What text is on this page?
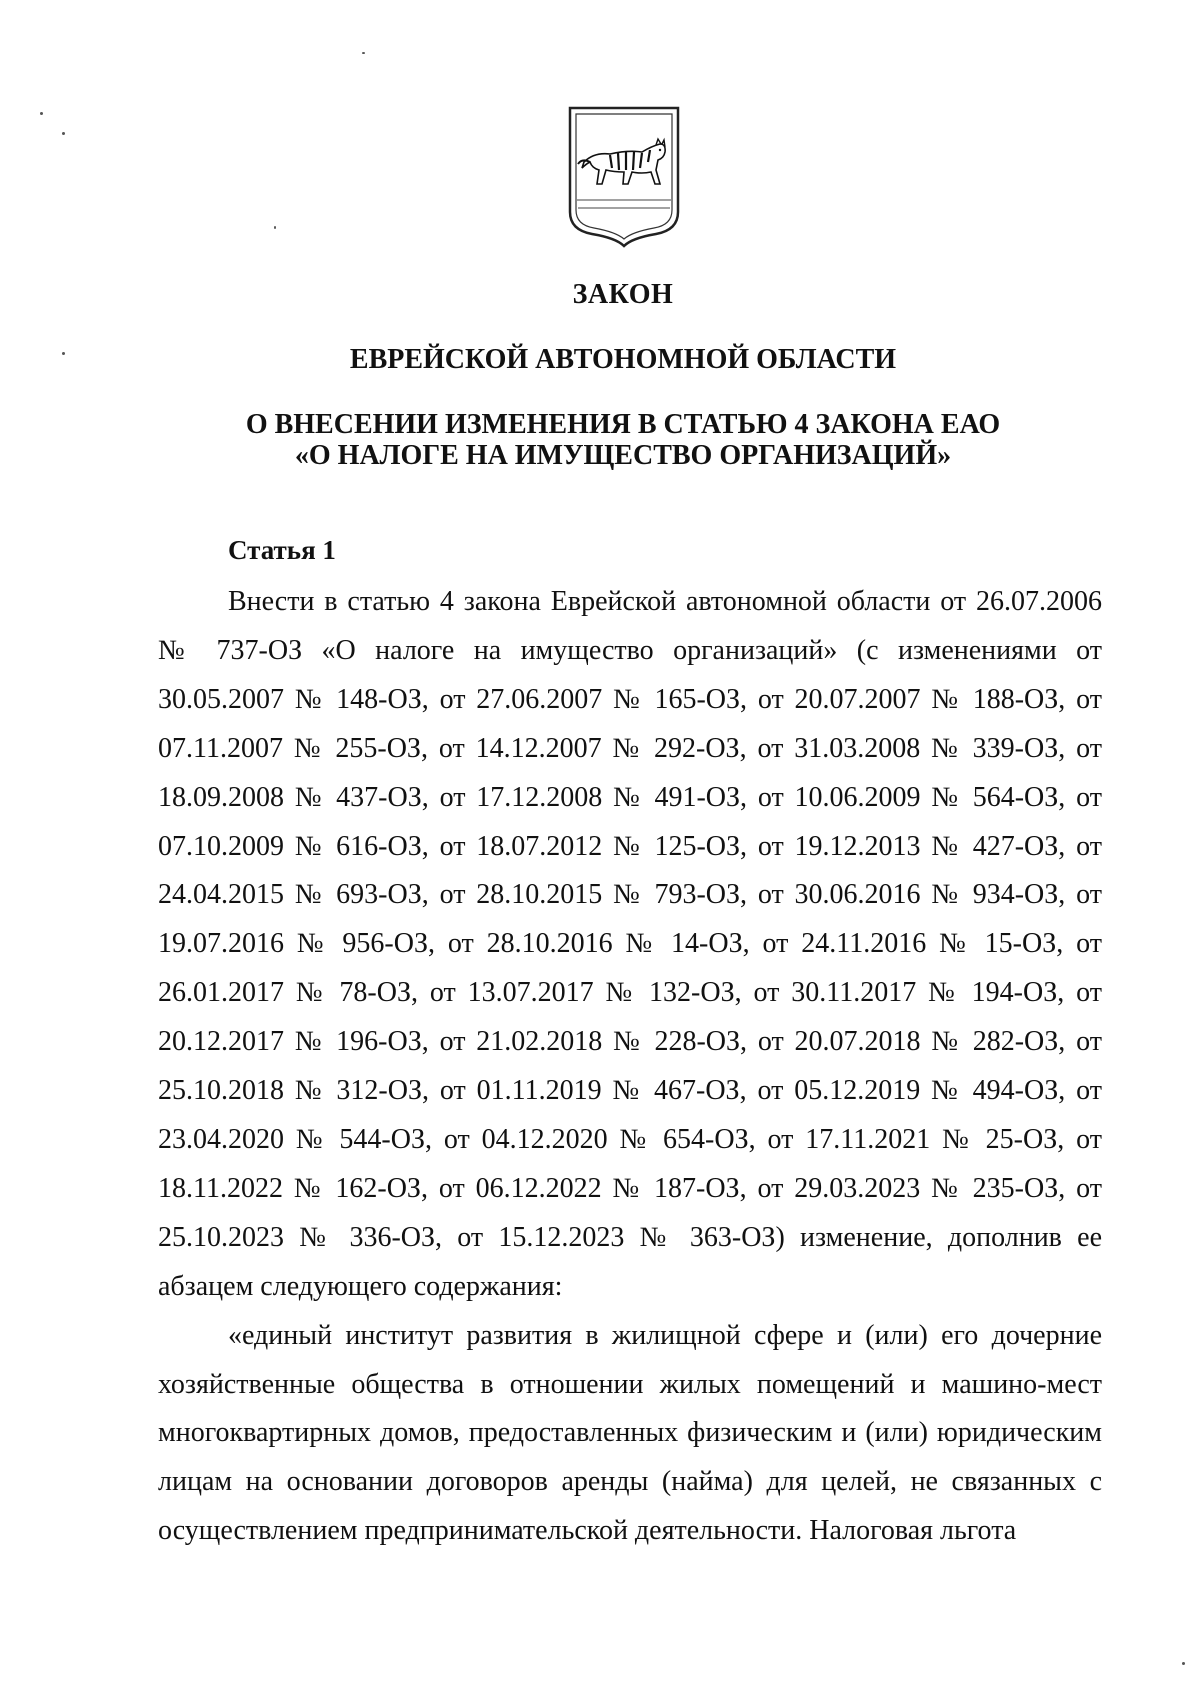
ЗАКОН
ЕВРЕЙСКОЙ АВТОНОМНОЙ ОБЛАСТИ
О ВНЕСЕНИИ ИЗМЕНЕНИЯ В СТАТЬЮ 4 ЗАКОНА ЕАО
«О НАЛОГЕ НА ИМУЩЕСТВО ОРГАНИЗАЦИЙ»
Статья 1

Внести в статью 4 закона Еврейской автономной области от 26.07.2006 № 737-ОЗ «О налоге на имущество организаций» (с изменениями от 30.05.2007 № 148-ОЗ, от 27.06.2007 № 165-ОЗ, от 20.07.2007 № 188-ОЗ, от 07.11.2007 № 255-ОЗ, от 14.12.2007 № 292-ОЗ, от 31.03.2008 № 339-ОЗ, от 18.09.2008 № 437-ОЗ, от 17.12.2008 № 491-ОЗ, от 10.06.2009 № 564-ОЗ, от 07.10.2009 № 616-ОЗ, от 18.07.2012 № 125-ОЗ, от 19.12.2013 № 427-ОЗ, от 24.04.2015 № 693-ОЗ, от 28.10.2015 № 793-ОЗ, от 30.06.2016 № 934-ОЗ, от 19.07.2016 № 956-ОЗ, от 28.10.2016 № 14-ОЗ, от 24.11.2016 № 15-ОЗ, от 26.01.2017 № 78-ОЗ, от 13.07.2017 № 132-ОЗ, от 30.11.2017 № 194-ОЗ, от 20.12.2017 № 196-ОЗ, от 21.02.2018 № 228-ОЗ, от 20.07.2018 № 282-ОЗ, от 25.10.2018 № 312-ОЗ, от 01.11.2019 № 467-ОЗ, от 05.12.2019 № 494-ОЗ, от 23.04.2020 № 544-ОЗ, от 04.12.2020 № 654-ОЗ, от 17.11.2021 № 25-ОЗ, от 18.11.2022 № 162-ОЗ, от 06.12.2022 № 187-ОЗ, от 29.03.2023 № 235-ОЗ, от 25.10.2023 № 336-ОЗ, от 15.12.2023 № 363-ОЗ) изменение, дополнив ее абзацем следующего содержания:

«единый институт развития в жилищной сфере и (или) его дочерние хозяйственные общества в отношении жилых помещений и машино-мест многоквартирных домов, предоставленных физическим и (или) юридическим лицам на основании договоров аренды (найма) для целей, не связанных с осуществлением предпринимательской деятельности. Налоговая льгота
